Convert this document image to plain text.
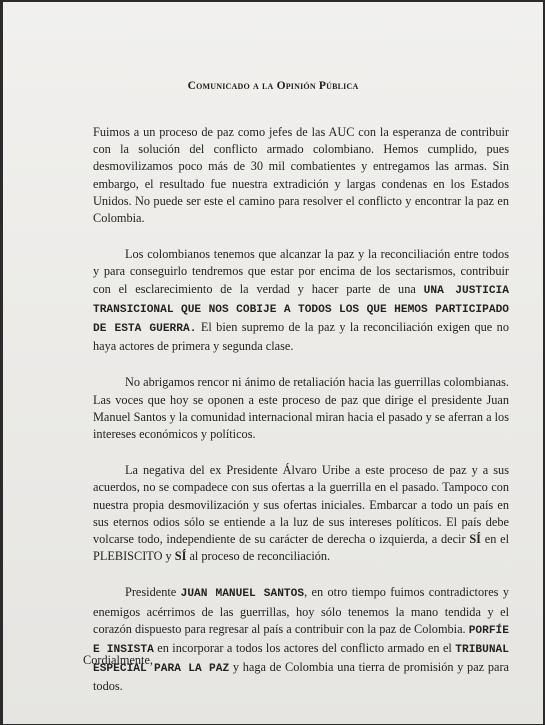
Comunicado a la Opinión Pública

Fuimos a un proceso de paz como jefes de las AUC con la esperanza de contribuir con la solución del conflicto armado colombiano. Hemos cumplido, pues desmovilizamos poco más de 30 mil combatientes y entregamos las armas. Sin embargo, el resultado fue nuestra extradición y largas condenas en los Estados Unidos. No puede ser este el camino para resolver el conflicto y encontrar la paz en Colombia.

Los colombianos tenemos que alcanzar la paz y la reconciliación entre todos y para conseguirlo tendremos que estar por encima de los sectarismos, contribuir con el esclarecimiento de la verdad y hacer parte de una UNA JUSTICIA TRANSICIONAL QUE NOS COBIJE A TODOS LOS QUE HEMOS PARTICIPADO DE ESTA GUERRA. El bien supremo de la paz y la reconciliación exigen que no haya actores de primera y segunda clase.

No abrigamos rencor ni ánimo de retaliación hacia las guerrillas colombianas. Las voces que hoy se oponen a este proceso de paz que dirige el presidente Juan Manuel Santos y la comunidad internacional miran hacia el pasado y se aferran a los intereses económicos y políticos.

La negativa del ex Presidente Álvaro Uribe a este proceso de paz y a sus acuerdos, no se compadece con sus ofertas a la guerrilla en el pasado. Tampoco con nuestra propia desmovilización y sus ofertas iniciales. Embarcar a todo un país en sus eternos odios sólo se entiende a la luz de sus intereses políticos. El país debe volcarse todo, independiente de su carácter de derecha o izquierda, a decir SÍ en el PLEBISCITO y SÍ al proceso de reconciliación.

Presidente JUAN MANUEL SANTOS, en otro tiempo fuimos contradictores y enemigos acérrimos de las guerrillas, hoy sólo tenemos la mano tendida y el corazón dispuesto para regresar al país a contribuir con la paz de Colombia. PORFÍE E INSISTA en incorporar a todos los actores del conflicto armado en el TRIBUNAL ESPECIAL PARA LA PAZ y haga de Colombia una tierra de promisión y paz para todos.

Cordialmente,
